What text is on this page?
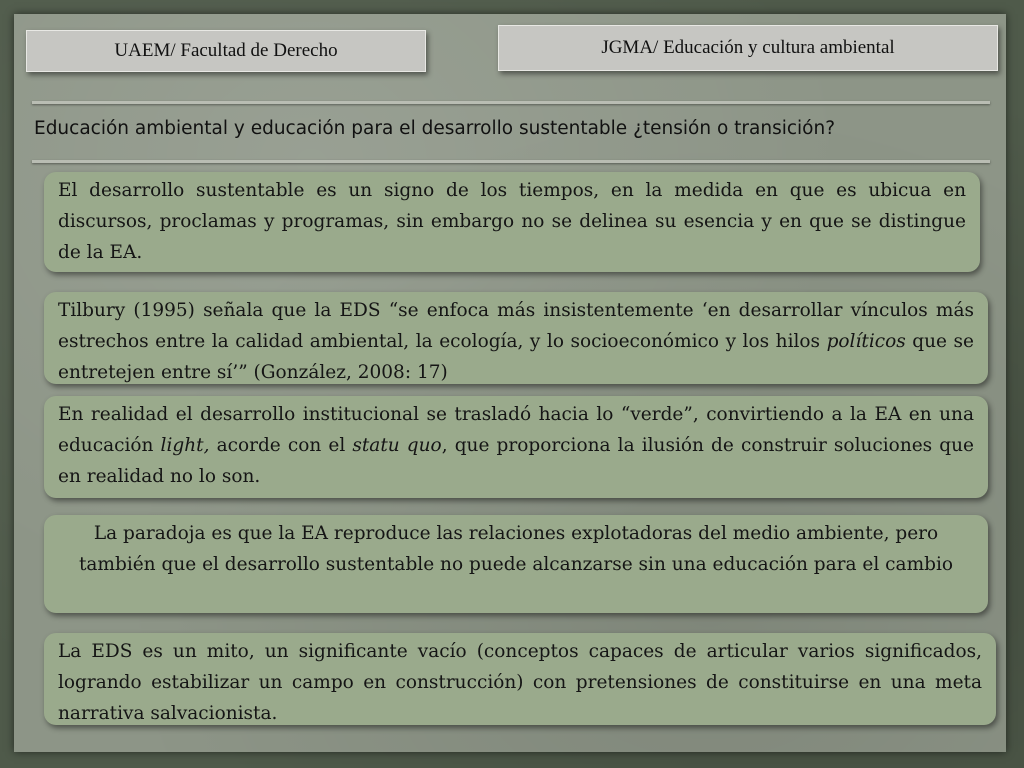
UAEM/ Facultad de Derecho	JGMA/ Educación y cultura ambiental
Educación ambiental y educación para el desarrollo sustentable ¿tensión o transición?
El desarrollo sustentable es un signo de los tiempos, en la medida en que es ubicua en discursos, proclamas y programas, sin embargo no se delinea su esencia y en que se distingue de la EA.
Tilbury (1995) señala que la EDS “se enfoca más insistentemente ‘en desarrollar vínculos más estrechos entre la calidad ambiental, la ecología, y lo socioeconómico y los hilos políticos que se entretejen entre sí’” (González, 2008: 17)
En realidad el desarrollo institucional se trasladó hacia lo “verde”, convirtiendo a la EA en una educación light, acorde con el statu quo, que proporciona la ilusión de construir soluciones que en realidad no lo son.
La paradoja es que la EA reproduce las relaciones explotadoras del medio ambiente, pero también que el desarrollo sustentable no puede alcanzarse sin una educación para el cambio
La EDS es un mito, un significante vacío (conceptos capaces de articular varios significados, logrando estabilizar un campo en construcción) con pretensiones de constituirse en una meta narrativa salvacionista.
